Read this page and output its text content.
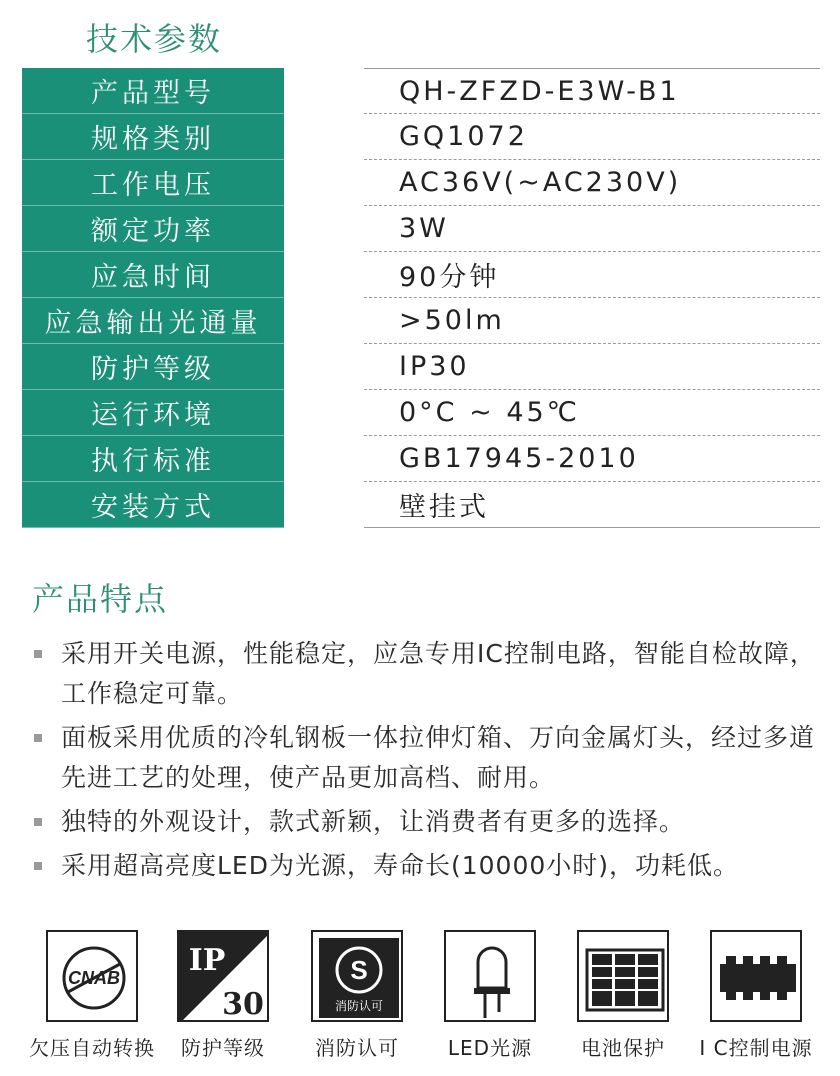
技术参数
产品型号	QH-ZFZD-E3W-B1
规格类别	GQ1072
工作电压	AC36V(~AC230V)
额定功率	3W
应急时间	90分钟
应急输出光通量	>50lm
防护等级	IP30
运行环境	0°C ~ 45℃
执行标准	GB17945-2010
安装方式	壁挂式
产品特点
采用开关电源，性能稳定，应急专用IC控制电路，智能自检故障，工作稳定可靠。
面板采用优质的冷轧钢板一体拉伸灯箱、万向金属灯头，经过多道先进工艺的处理，使产品更加高档、耐用。
独特的外观设计，款式新颖，让消费者有更多的选择。
采用超高亮度LED为光源，寿命长(10000小时)，功耗低。
CNAB
欠压自动转换
IP
30
防护等级
S
消防认可
消防认可	LED光源	电池保护	I C控制电源
